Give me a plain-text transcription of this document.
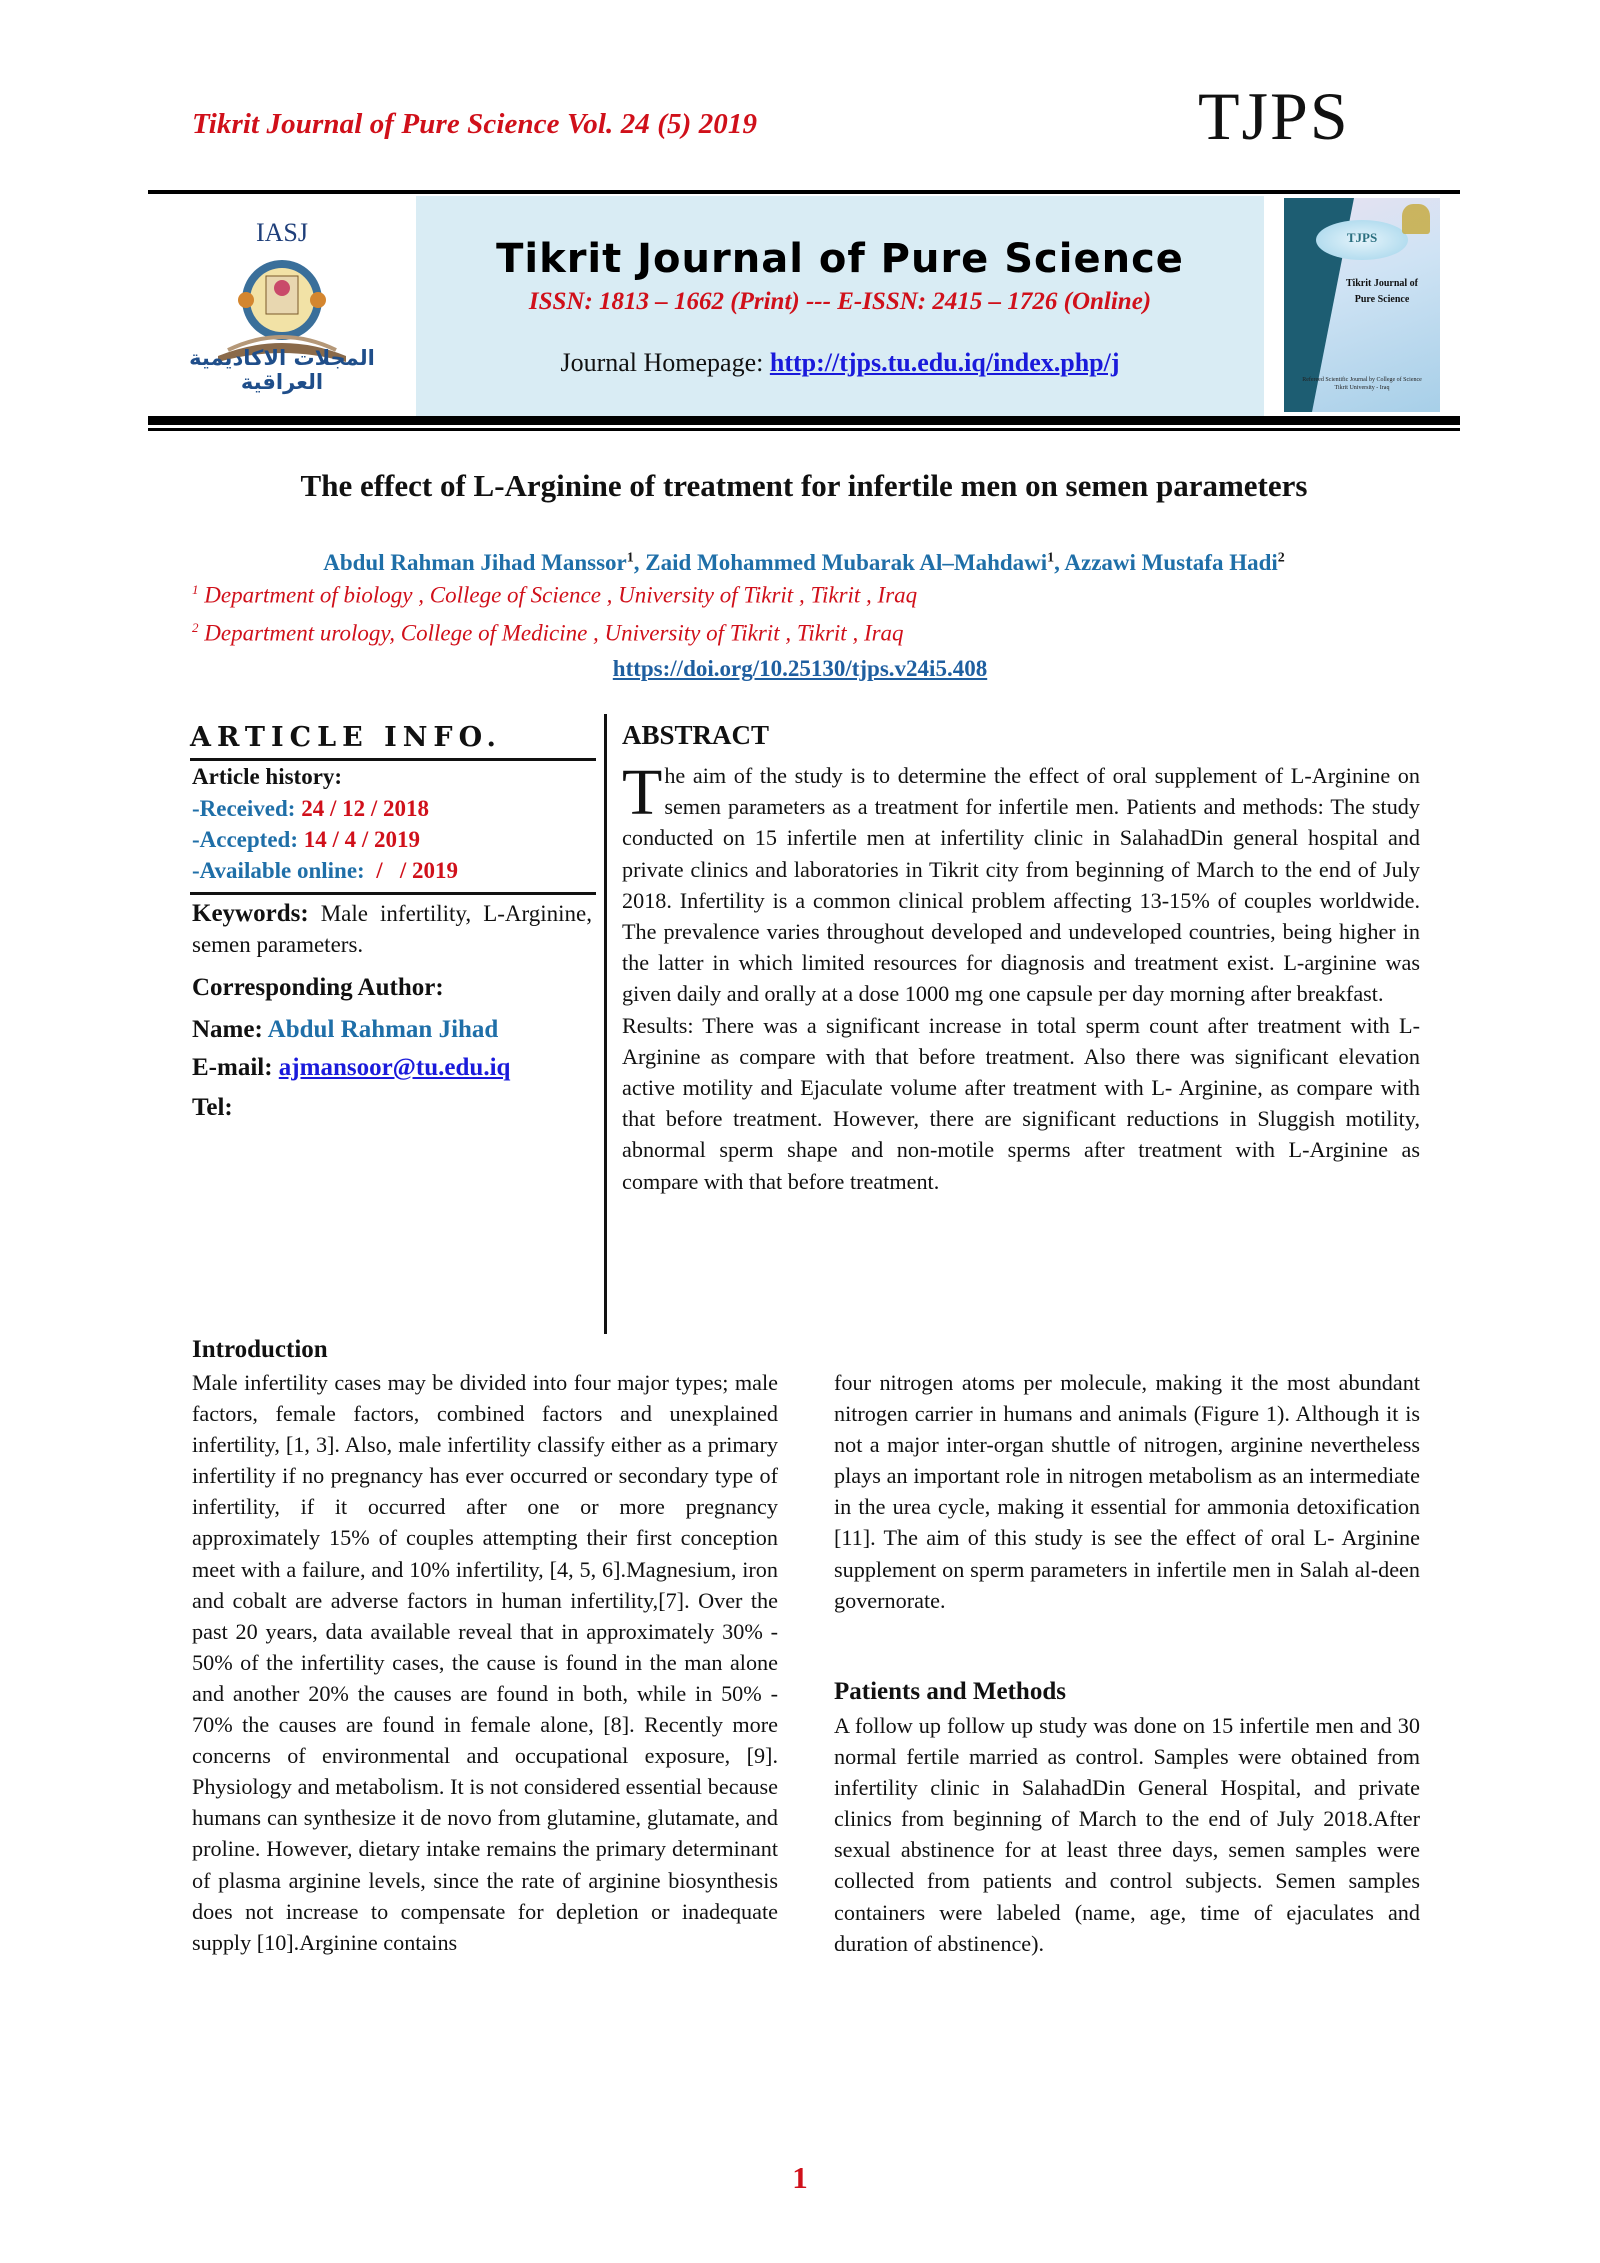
Tikrit Journal of Pure Science Vol. 24 (5) 2019	TJPS
IASJ
المجلات الاكاديمية العراقية
Tikrit Journal of Pure Science
ISSN: 1813 – 1662 (Print) --- E-ISSN: 2415 – 1726 (Online)
Journal Homepage: http://tjps.tu.edu.iq/index.php/j
TJPS
Tikrit Journal of
Pure Science
Refereed Scientific Journal by College of Science
Tikrit University - Iraq
The effect of L-Arginine of treatment for infertile men on semen parameters
Abdul Rahman Jihad Manssor$^1$, Zaid Mohammed Mubarak Al–Mahdawi$^1$, Azzawi Mustafa Hadi$^2$
$^1$ Department of biology , College of Science , University of Tikrit , Tikrit , Iraq
$^2$ Department urology, College of Medicine , University of Tikrit , Tikrit , Iraq
https://doi.org/10.25130/tjps.v24i5.408
ARTICLE INFO.
Article history:
-Received: 24 / 12 / 2018
-Accepted: 14 / 4 / 2019
-Available online:  /   / 2019
Keywords: Male infertility, L-Arginine, semen parameters.
Corresponding Author:
Name: Abdul Rahman Jihad
E-mail: ajmansoor@tu.edu.iq
Tel:
ABSTRACT

The aim of the study is to determine the effect of oral supplement of L-Arginine on semen parameters as a treatment for infertile men. Patients and methods: The study conducted on 15 infertile men at infertility clinic in SalahadDin general hospital and private clinics and laboratories in Tikrit city from beginning of March to the end of July 2018. Infertility is a common clinical problem affecting 13-15% of couples worldwide. The prevalence varies throughout developed and undeveloped countries, being higher in the latter in which limited resources for diagnosis and treatment exist. L-arginine was given daily and orally at a dose 1000 mg one capsule per day morning after breakfast.

Results: There was a significant increase in total sperm count after treatment with L- Arginine as compare with that before treatment. Also there was significant elevation active motility and Ejaculate volume after treatment with L- Arginine, as compare with that before treatment. However, there are significant reductions in Sluggish motility, abnormal sperm shape and non-motile sperms after treatment with L-Arginine as compare with that before treatment.

Introduction

Male infertility cases may be divided into four major types; male factors, female factors, combined factors and unexplained infertility, [1, 3]. Also, male infertility classify either as a primary infertility if no pregnancy has ever occurred or secondary type of infertility, if it occurred after one or more pregnancy approximately 15% of couples attempting their first conception meet with a failure, and 10% infertility, [4, 5, 6].Magnesium, iron and cobalt are adverse factors in human infertility,[7]. Over the past 20 years, data available reveal that in approximately 30% - 50% of the infertility cases, the cause is found in the man alone and another 20% the causes are found in both, while in 50% - 70% the causes are found in female alone, [8]. Recently more concerns of environmental and occupational exposure, [9]. Physiology and metabolism. It is not considered essential because humans can synthesize it de novo from glutamine, glutamate, and proline. However, dietary intake remains the primary determinant of plasma arginine levels, since the rate of arginine biosynthesis does not increase to compensate for depletion or inadequate supply [10].Arginine contains

four nitrogen atoms per molecule, making it the most abundant nitrogen carrier in humans and animals (Figure 1). Although it is not a major inter-organ shuttle of nitrogen, arginine nevertheless plays an important role in nitrogen metabolism as an intermediate in the urea cycle, making it essential for ammonia detoxification [11]. The aim of this study is see the effect of oral L- Arginine supplement on sperm parameters in infertile men in Salah al-deen governorate.

Patients and Methods

A follow up follow up study was done on 15 infertile men and 30 normal fertile married as control. Samples were obtained from infertility clinic in SalahadDin General Hospital, and private clinics from beginning of March to the end of July 2018.After sexual abstinence for at least three days, semen samples were collected from patients and control subjects. Semen samples containers were labeled (name, age, time of ejaculates and duration of abstinence).

1
